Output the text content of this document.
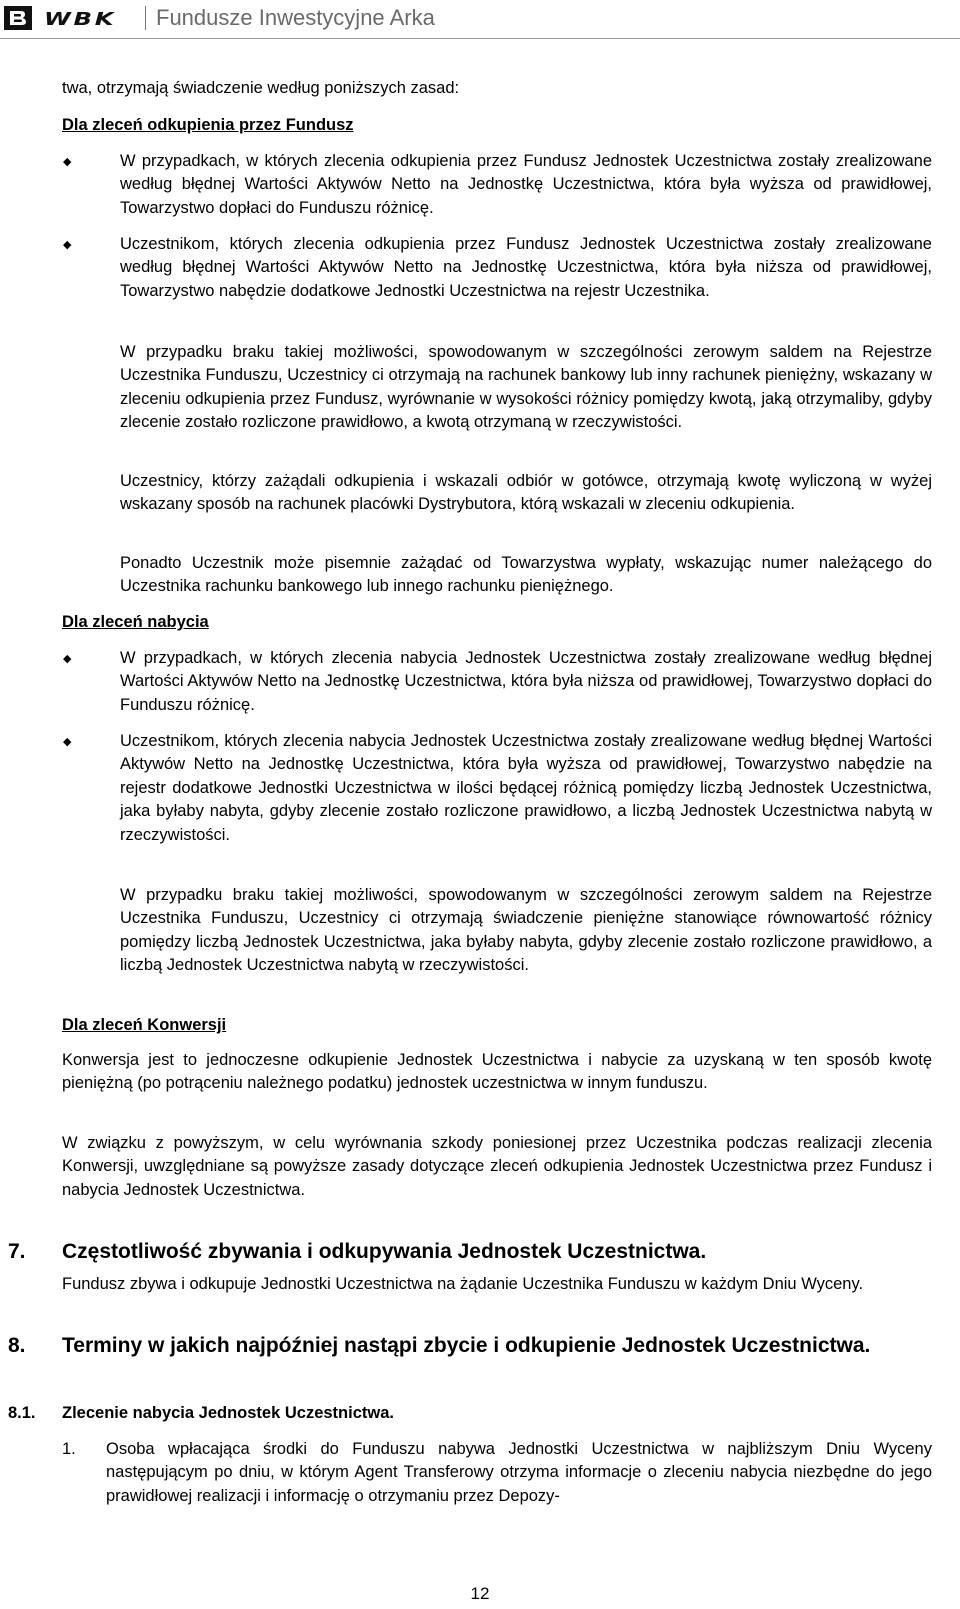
WBK Fundusze Inwestycyjne Arka

twa, otrzymają świadczenie według poniższych zasad:

Dla zleceń odkupienia przez Fundusz

◆	W przypadkach, w których zlecenia odkupienia przez Fundusz Jednostek Uczestnictwa zostały zrealizowane według błędnej Wartości Aktywów Netto na Jednostkę Uczestnictwa, która była wyższa od prawidłowej, Towarzystwo dopłaci do Funduszu różnicę.

◆	Uczestnikom, których zlecenia odkupienia przez Fundusz Jednostek Uczestnictwa zostały zrealizowane według błędnej Wartości Aktywów Netto na Jednostkę Uczestnictwa, która była niższa od prawidłowej, Towarzystwo nabędzie dodatkowe Jednostki Uczestnictwa na rejestr Uczestnika.

W przypadku braku takiej możliwości, spowodowanym w szczególności zerowym saldem na Rejestrze Uczestnika Funduszu, Uczestnicy ci otrzymają na rachunek bankowy lub inny rachunek pieniężny, wskazany w zleceniu odkupienia przez Fundusz, wyrównanie w wysokości różnicy pomiędzy kwotą, jaką otrzymaliby, gdyby zlecenie zostało rozliczone prawidłowo, a kwotą otrzymaną w rzeczywistości.

Uczestnicy, którzy zażądali odkupienia i wskazali odbiór w gotówce, otrzymają kwotę wyliczoną w wyżej wskazany sposób na rachunek placówki Dystrybutora, którą wskazali w zleceniu odkupienia.

Ponadto Uczestnik może pisemnie zażądać od Towarzystwa wypłaty, wskazując numer należącego do Uczestnika rachunku bankowego lub innego rachunku pieniężnego.

Dla zleceń nabycia

◆	W przypadkach, w których zlecenia nabycia Jednostek Uczestnictwa zostały zrealizowane według błędnej Wartości Aktywów Netto na Jednostkę Uczestnictwa, która była niższa od prawidłowej, Towarzystwo dopłaci do Funduszu różnicę.

◆	Uczestnikom, których zlecenia nabycia Jednostek Uczestnictwa zostały zrealizowane według błędnej Wartości Aktywów Netto na Jednostkę Uczestnictwa, która była wyższa od prawidłowej, Towarzystwo nabędzie na rejestr dodatkowe Jednostki Uczestnictwa w ilości będącej różnicą pomiędzy liczbą Jednostek Uczestnictwa, jaka byłaby nabyta, gdyby zlecenie zostało rozliczone prawidłowo, a liczbą Jednostek Uczestnictwa nabytą w rzeczywistości.

W przypadku braku takiej możliwości, spowodowanym w szczególności zerowym saldem na Rejestrze Uczestnika Funduszu, Uczestnicy ci otrzymają świadczenie pieniężne stanowiące równowartość różnicy pomiędzy liczbą Jednostek Uczestnictwa, jaka byłaby nabyta, gdyby zlecenie zostało rozliczone prawidłowo, a liczbą Jednostek Uczestnictwa nabytą w rzeczywistości.

Dla zleceń Konwersji

Konwersja jest to jednoczesne odkupienie Jednostek Uczestnictwa i nabycie za uzyskaną w ten sposób kwotę pieniężną (po potrąceniu należnego podatku) jednostek uczestnictwa w innym funduszu.

W związku z powyższym, w celu wyrównania szkody poniesionej przez Uczestnika podczas realizacji zlecenia Konwersji, uwzględniane są powyższe zasady dotyczące zleceń odkupienia Jednostek Uczestnictwa przez Fundusz i nabycia Jednostek Uczestnictwa.

7. Częstotliwość zbywania i odkupywania Jednostek Uczestnictwa.

Fundusz zbywa i odkupuje Jednostki Uczestnictwa na żądanie Uczestnika Funduszu w każdym Dniu Wyceny.

8. Terminy w jakich najpóźniej nastąpi zbycie i odkupienie Jednostek Uczestnictwa.
8.1. Zlecenie nabycia Jednostek Uczestnictwa.
1. Osoba wpłacająca środki do Funduszu nabywa Jednostki Uczestnictwa w najbliższym Dniu Wyceny następującym po dniu, w którym Agent Transferowy otrzyma informacje o zleceniu nabycia niezbędne do jego prawidłowej realizacji i informację o otrzymaniu przez Depozy-

12
